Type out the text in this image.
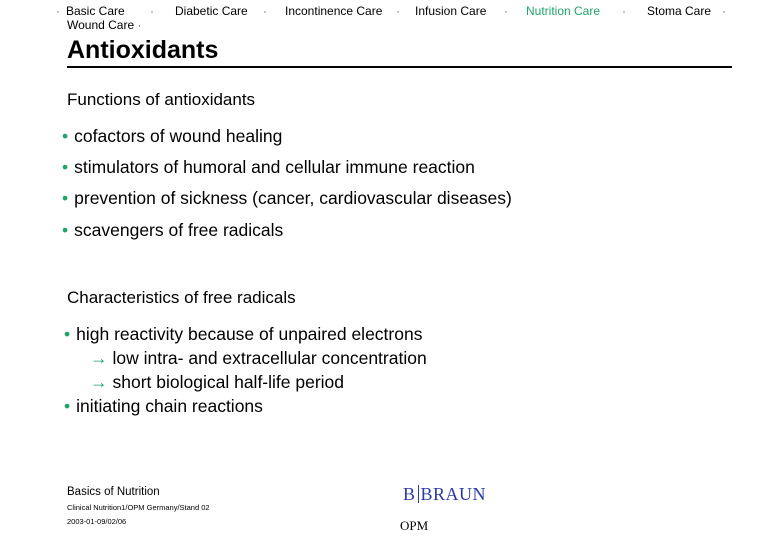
· Basic Care · Diabetic Care · Incontinence Care · Infusion Care · Nutrition Care · Stoma Care ·
Wound Care ·
Antioxidants
Functions of antioxidants
• cofactors of wound healing
• stimulators of humoral and cellular immune reaction
• prevention of sickness (cancer, cardiovascular diseases)
• scavengers of free radicals
Characteristics of free radicals
• high reactivity because of unpaired electrons
→ low intra- and extracellular concentration
→ short biological half-life period
• initiating chain reactions
Basics of Nutrition
Clinical Nutrition1/OPM Germany/Stand 02
2003-01-09/02/06
B BRAUN
OPM
